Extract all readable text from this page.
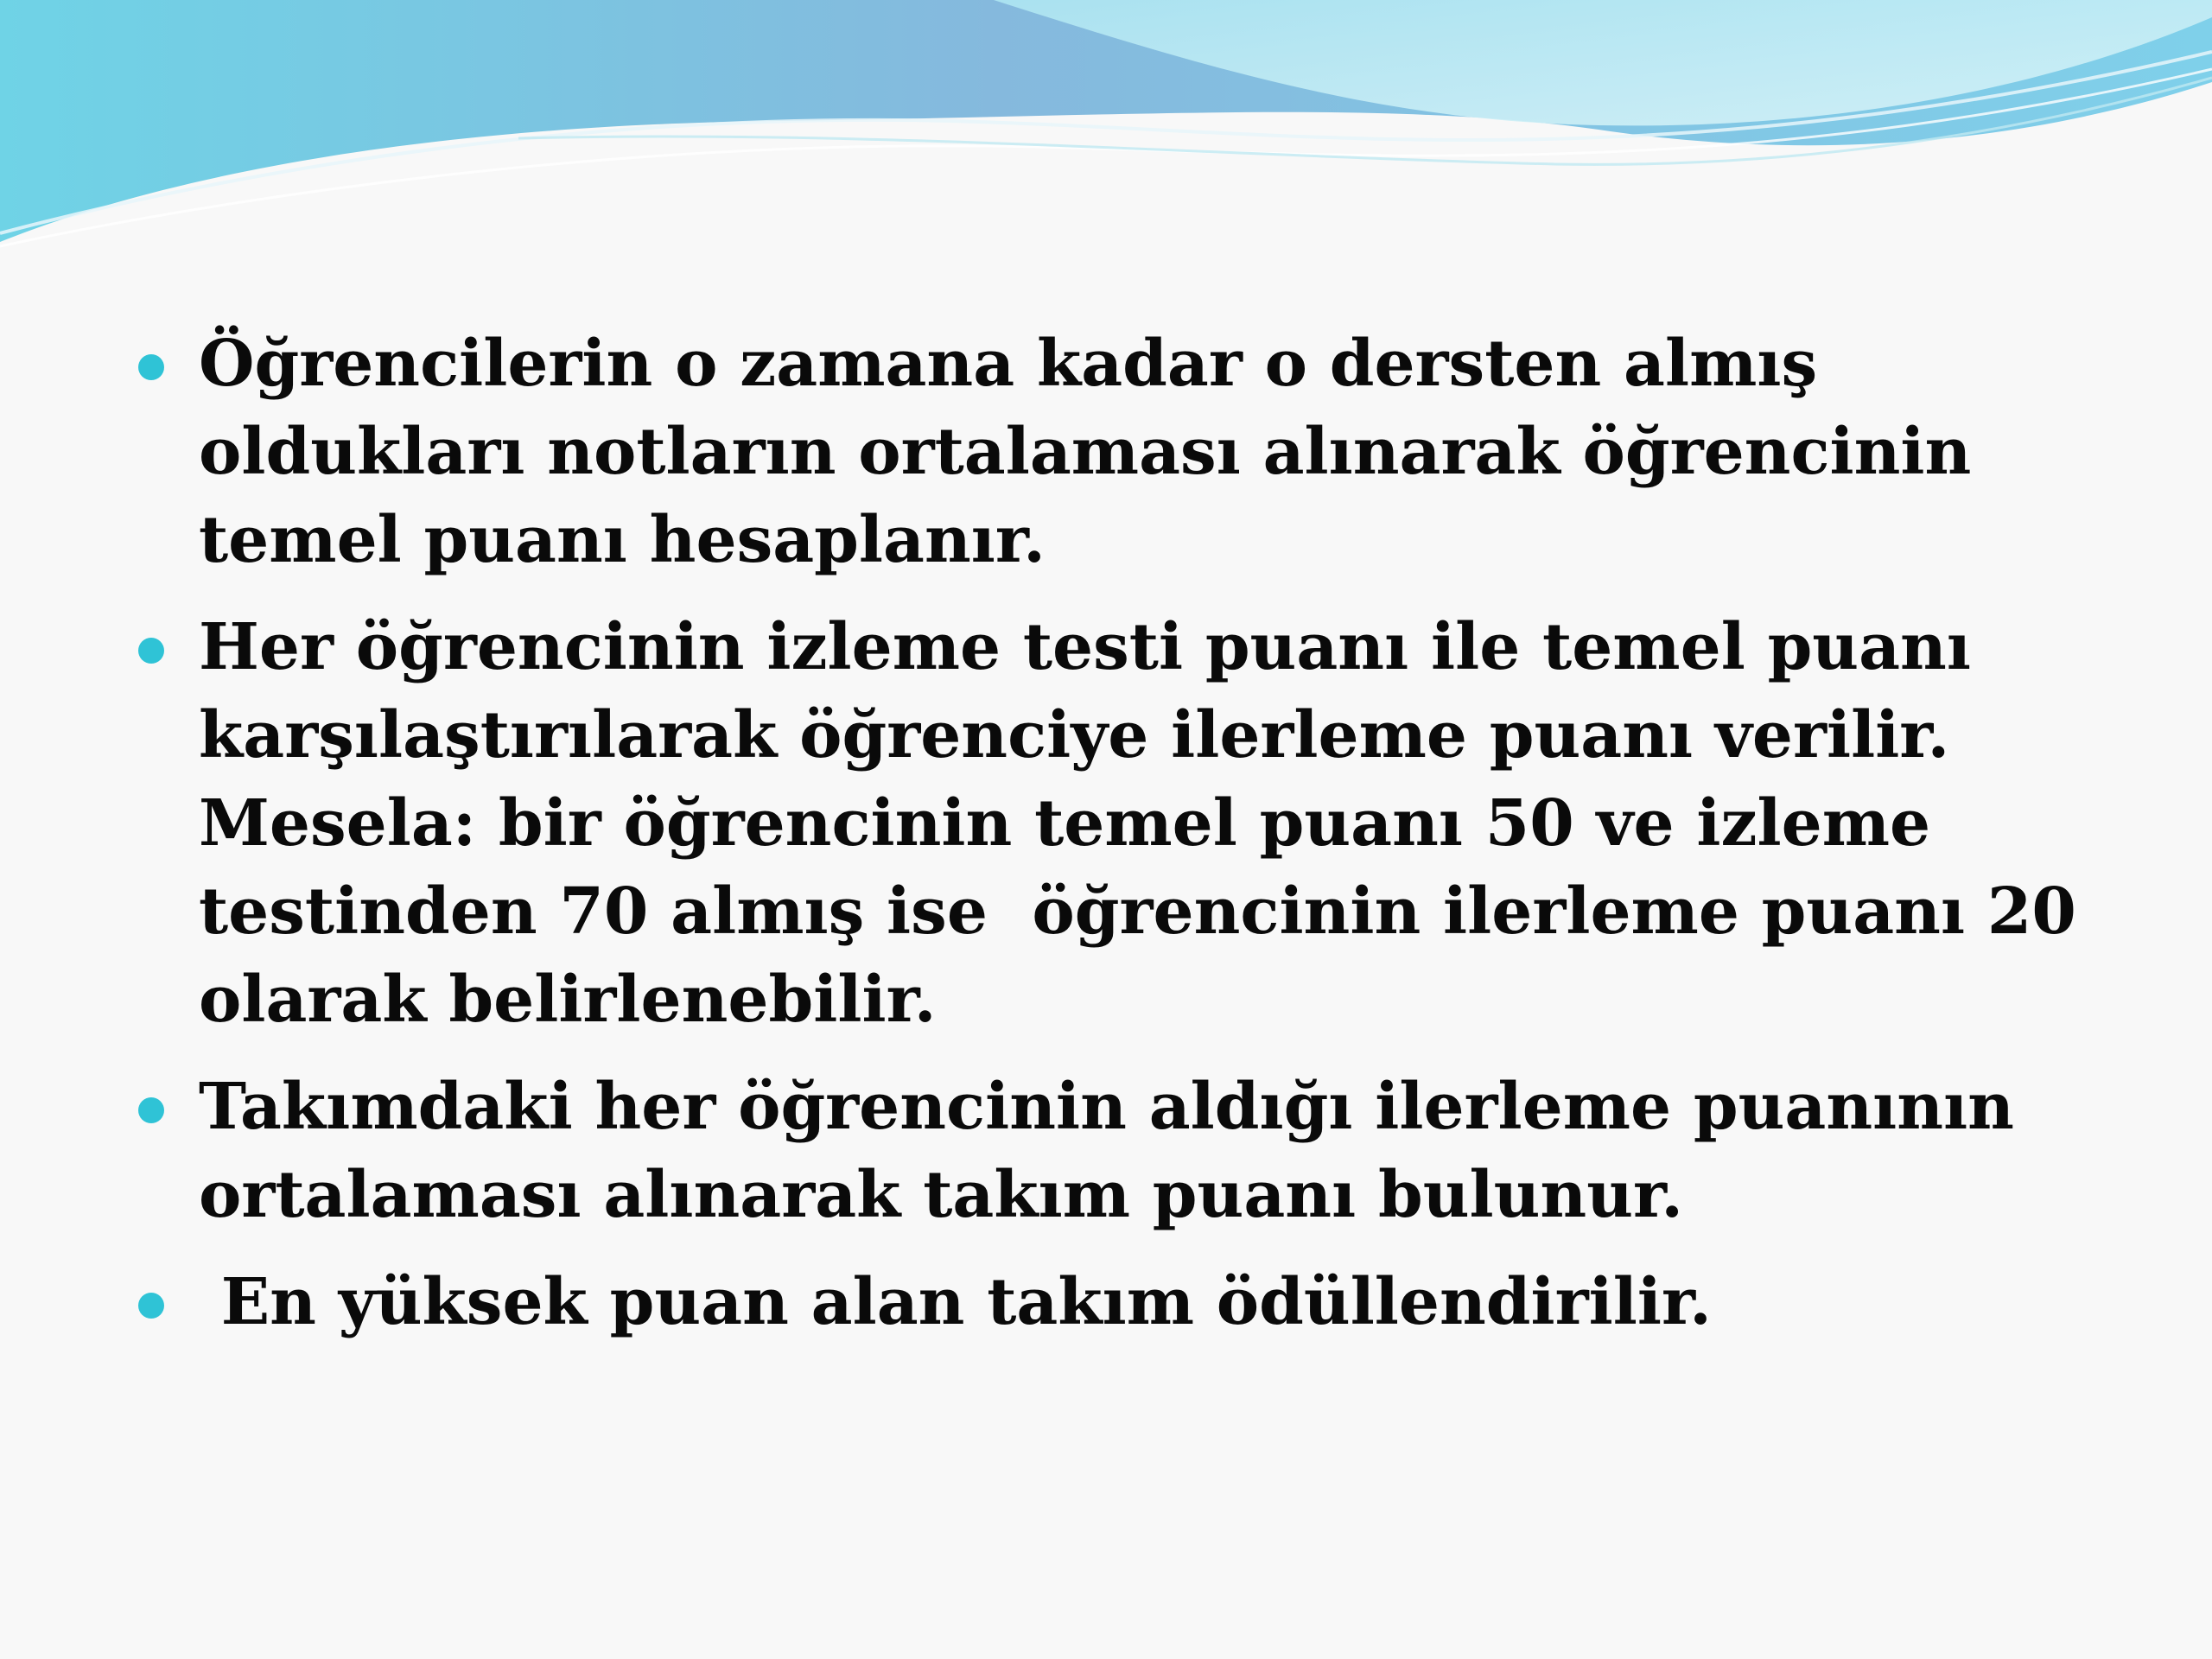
Öğrencilerin o zamana kadar o dersten almış oldukları notların ortalaması alınarak öğrencinin temel puanı hesaplanır.
Her öğrencinin izleme testi puanı ile temel puanı karşılaştırılarak öğrenciye ilerleme puanı verilir. Mesela: bir öğrencinin temel puanı 50 ve izleme testinden 70 almış ise  öğrencinin ilerleme puanı 20 olarak belirlenebilir.
Takımdaki her öğrencinin aldığı ilerleme puanının ortalaması alınarak takım puanı bulunur.
En yüksek puan alan takım ödüllendirilir.
